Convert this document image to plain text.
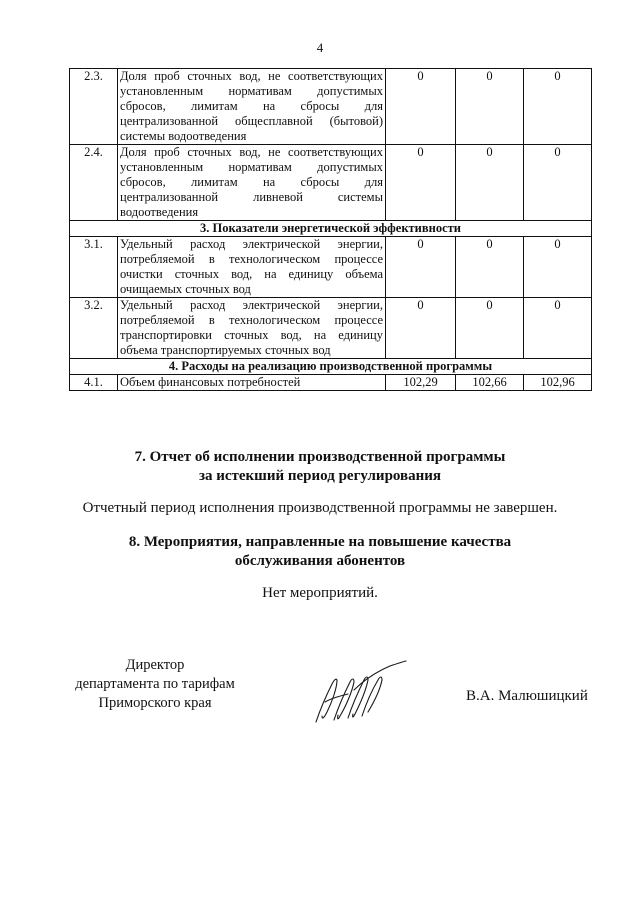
4
2.3.	Доля проб сточных вод, не соответствующих установленным нормативам допустимых сбросов, лимитам на сбросы для централизованной общесплавной (бытовой) системы водоотведения	0	0	0
2.4.	Доля проб сточных вод, не соответствующих установленным нормативам допустимых сбросов, лимитам на сбросы для централизованной ливневой системы водоотведения	0	0	0
3. Показатели энергетической эффективности				
3.1.	Удельный расход электрической энергии, потребляемой в технологическом процессе очистки сточных вод, на единицу объема очищаемых сточных вод	0	0	0
3.2.	Удельный расход электрической энергии, потребляемой в технологическом процессе транспортировки сточных вод, на единицу объема транспортируемых сточных вод	0	0	0
4. Расходы на реализацию производственной программы				
4.1.	Объем финансовых потребностей	102,29	102,66	102,96
7. Отчет об исполнении производственной программы
за истекший период регулирования
Отчетный период исполнения производственной программы не завершен.
8. Мероприятия, направленные на повышение качества
обслуживания абонентов
Нет мероприятий.
Директор
департамента по тарифам
Приморского края	В.А. Малюшицкий
